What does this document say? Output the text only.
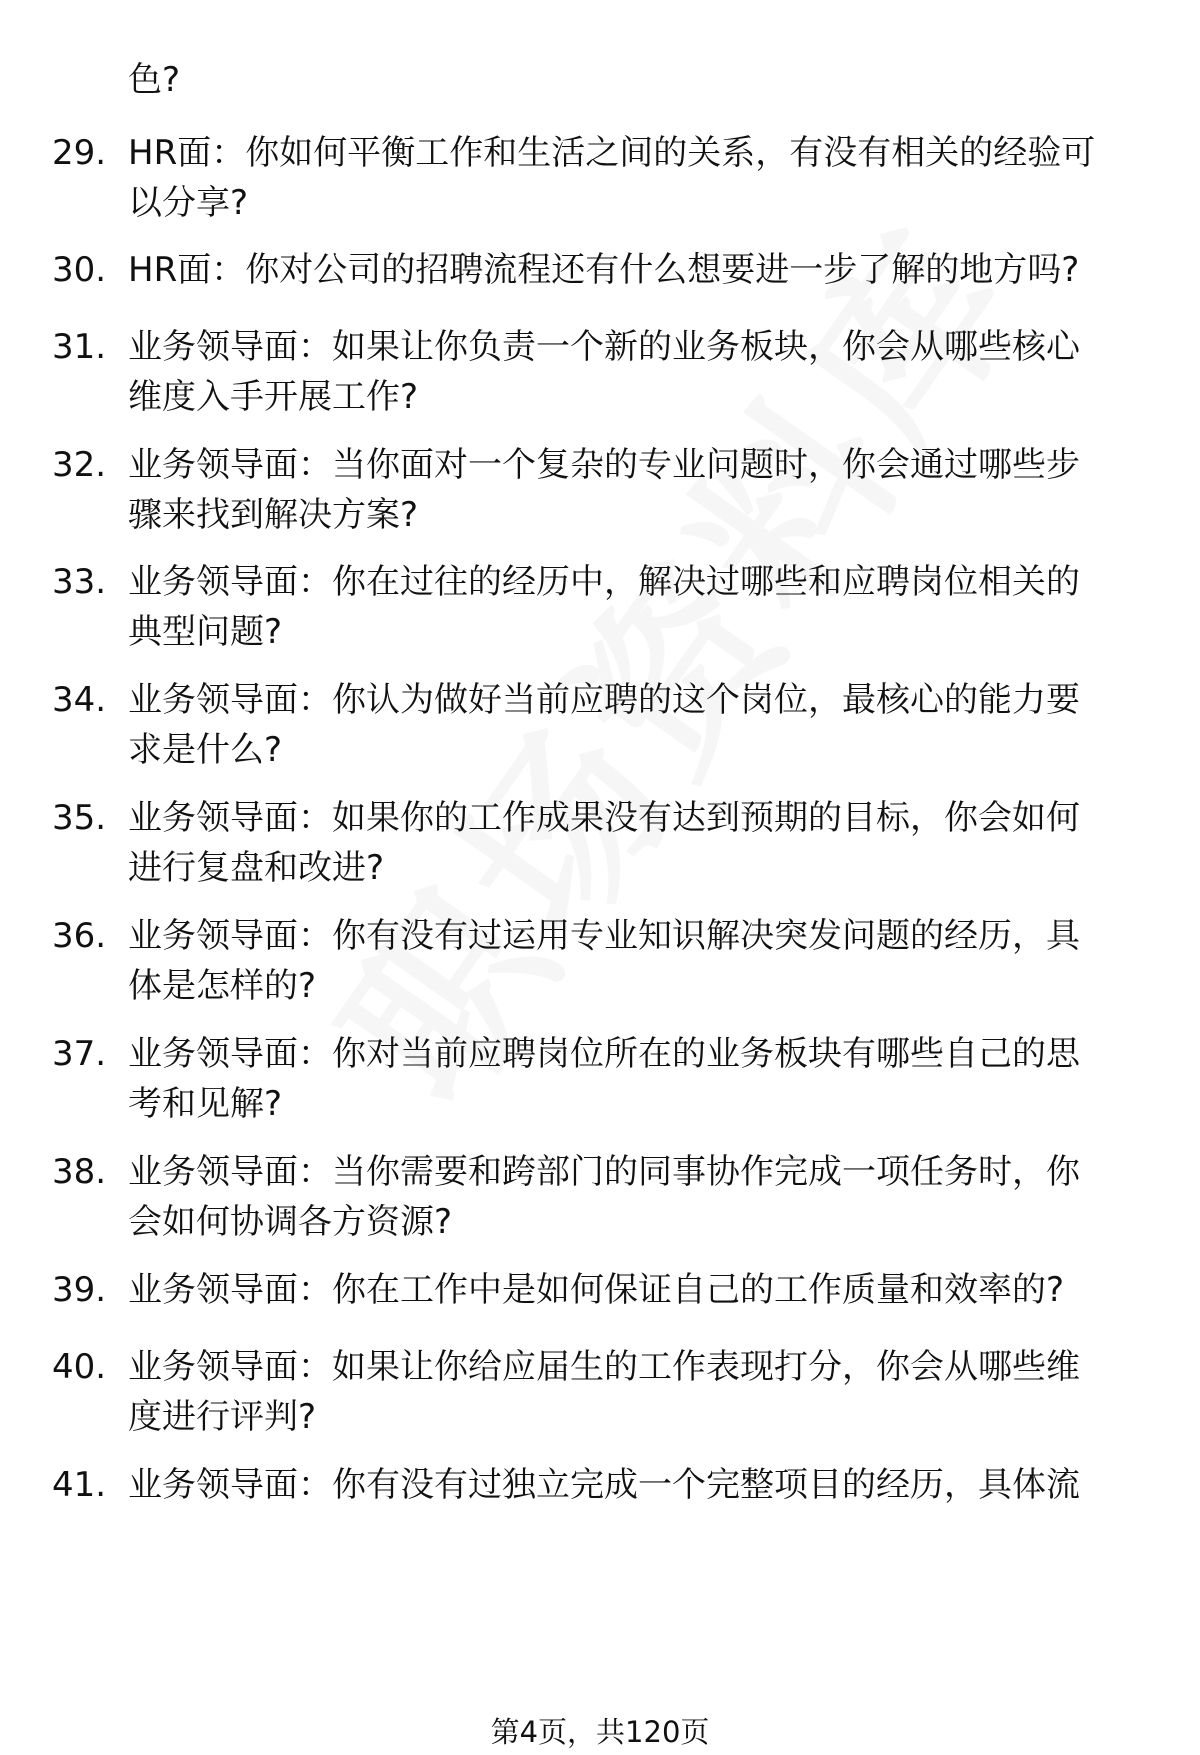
色?

29. HR面：你如何平衡工作和生活之间的关系，有没有相关的经验可
以分享?
30. HR面：你对公司的招聘流程还有什么想要进一步了解的地方吗?
31. 业务领导面：如果让你负责一个新的业务板块，你会从哪些核心
维度入手开展工作?
32. 业务领导面：当你面对一个复杂的专业问题时，你会通过哪些步
骤来找到解决方案?
33. 业务领导面：你在过往的经历中，解决过哪些和应聘岗位相关的
典型问题?
34. 业务领导面：你认为做好当前应聘的这个岗位，最核心的能力要
求是什么?
35. 业务领导面：如果你的工作成果没有达到预期的目标，你会如何
进行复盘和改进?
36. 业务领导面：你有没有过运用专业知识解决突发问题的经历，具
体是怎样的?
37. 业务领导面：你对当前应聘岗位所在的业务板块有哪些自己的思
考和见解?
38. 业务领导面：当你需要和跨部门的同事协作完成一项任务时，你
会如何协调各方资源?
39. 业务领导面：你在工作中是如何保证自己的工作质量和效率的?
40. 业务领导面：如果让你给应届生的工作表现打分，你会从哪些维
度进行评判?
41. 业务领导面：你有没有过独立完成一个完整项目的经历，具体流
第4页，共120页
